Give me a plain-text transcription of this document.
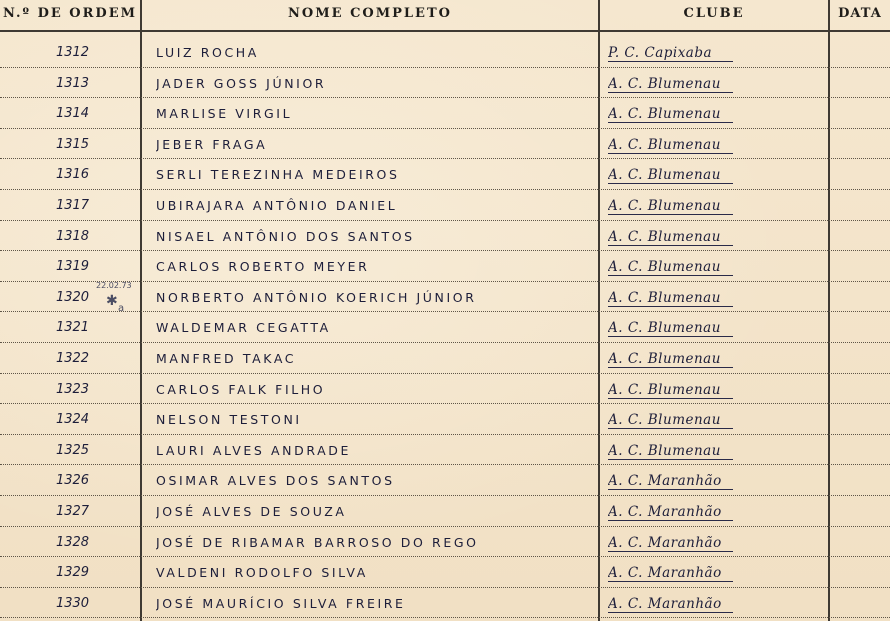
N.º DE ORDEM	NOME COMPLETO	CLUBE	DATA
1312	LUIZ ROCHA	P. C. Capixaba
1313	JADER GOSS JÚNIOR	A. C. Blumenau
1314	MARLISE VIRGIL	A. C. Blumenau
1315	JEBER FRAGA	A. C. Blumenau
1316	SERLI TEREZINHA MEDEIROS	A. C. Blumenau
1317	UBIRAJARA ANTÔNIO DANIEL	A. C. Blumenau
1318	NISAEL ANTÔNIO DOS SANTOS	A. C. Blumenau
1319	CARLOS ROBERTO MEYER	A. C. Blumenau
1320	NORBERTO ANTÔNIO KOERICH JÚNIOR	A. C. Blumenau
1321	WALDEMAR CEGATTA	A. C. Blumenau
1322	MANFRED TAKAC	A. C. Blumenau
1323	CARLOS FALK FILHO	A. C. Blumenau
1324	NELSON TESTONI	A. C. Blumenau
1325	LAURI ALVES ANDRADE	A. C. Blumenau
1326	OSIMAR ALVES DOS SANTOS	A. C. Maranhão
1327	JOSÉ ALVES DE SOUZA	A. C. Maranhão
1328	JOSÉ DE RIBAMAR BARROSO DO REGO	A. C. Maranhão
1329	VALDENI RODOLFO SILVA	A. C. Maranhão
1330	JOSÉ MAURÍCIO SILVA FREIRE	A. C. Maranhão
22.02.73
✱ a
